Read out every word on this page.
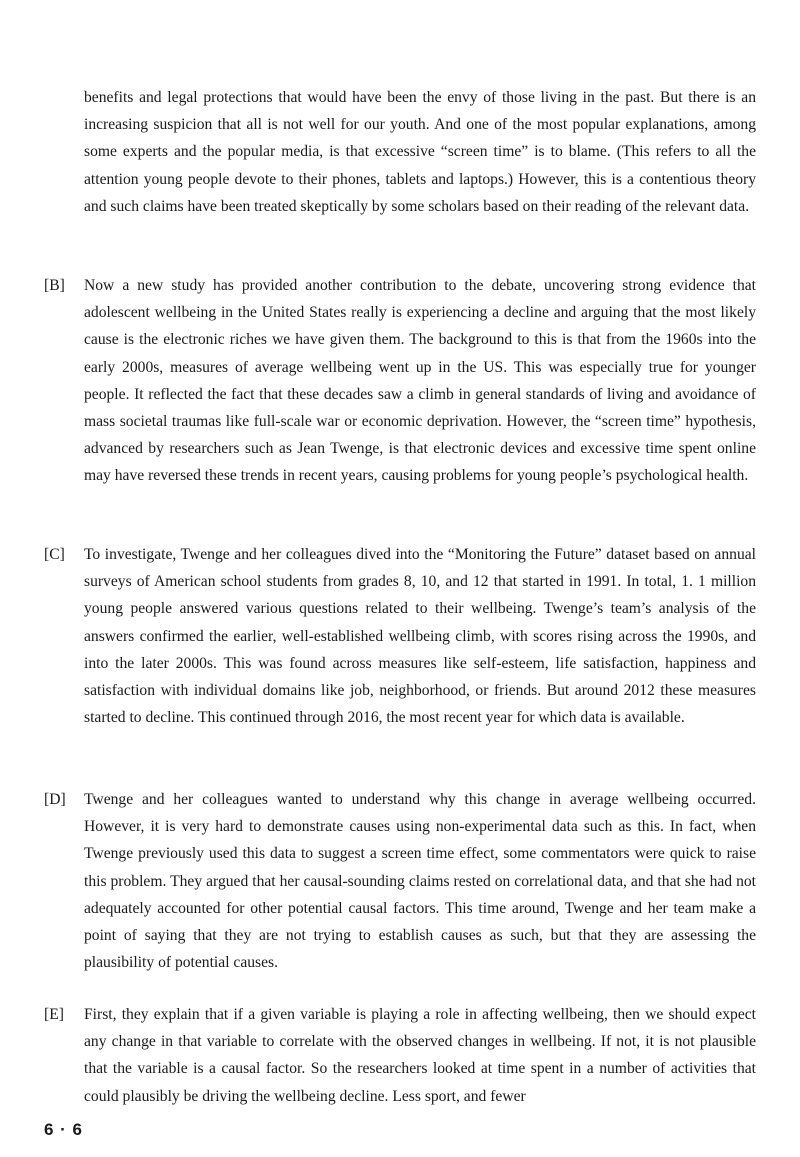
benefits and legal protections that would have been the envy of those living in the past. But there is an increasing suspicion that all is not well for our youth. And one of the most popular explanations, among some experts and the popular media, is that excessive “screen time” is to blame. (This refers to all the attention young people devote to their phones, tablets and laptops.) However, this is a contentious theory and such claims have been treated skeptically by some scholars based on their reading of the relevant data.

[B]	Now a new study has provided another contribution to the debate, uncovering strong evidence that adolescent wellbeing in the United States really is experiencing a decline and arguing that the most likely cause is the electronic riches we have given them. The background to this is that from the 1960s into the early 2000s, measures of average wellbeing went up in the US. This was especially true for younger people. It reflected the fact that these decades saw a climb in general standards of living and avoidance of mass societal traumas like full-scale war or economic deprivation. However, the “screen time” hypothesis, advanced by researchers such as Jean Twenge, is that electronic devices and excessive time spent online may have reversed these trends in recent years, causing problems for young people’s psychological health.

[C]	To investigate, Twenge and her colleagues dived into the “Monitoring the Future” dataset based on annual surveys of American school students from grades 8, 10, and 12 that started in 1991. In total, 1. 1 million young people answered various questions related to their wellbeing. Twenge’s team’s analysis of the answers confirmed the earlier, well-established wellbeing climb, with scores rising across the 1990s, and into the later 2000s. This was found across measures like self-esteem, life satisfaction, happiness and satisfaction with individual domains like job, neighborhood, or friends. But around 2012 these measures started to decline. This continued through 2016, the most recent year for which data is available.

[D]	Twenge and her colleagues wanted to understand why this change in average wellbeing occurred. However, it is very hard to demonstrate causes using non-experimental data such as this. In fact, when Twenge previously used this data to suggest a screen time effect, some commentators were quick to raise this problem. They argued that her causal-sounding claims rested on correlational data, and that she had not adequately accounted for other potential causal factors. This time around, Twenge and her team make a point of saying that they are not trying to establish causes as such, but that they are assessing the plausibility of potential causes.

[E]	First, they explain that if a given variable is playing a role in affecting wellbeing, then we should expect any change in that variable to correlate with the observed changes in wellbeing. If not, it is not plausible that the variable is a causal factor. So the researchers looked at time spent in a number of activities that could plausibly be driving the wellbeing decline. Less sport, and fewer

6 · 6
